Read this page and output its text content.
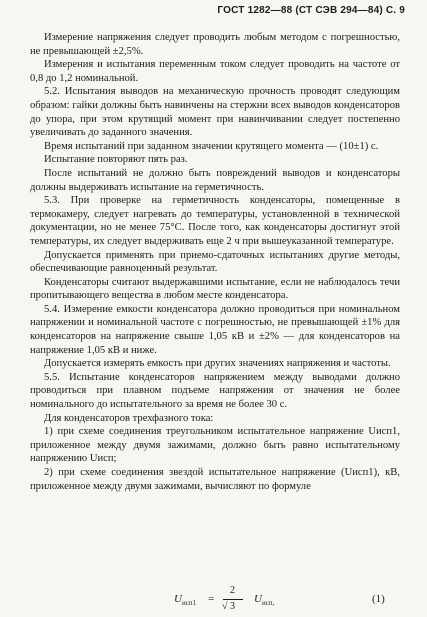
ГОСТ 1282—88 (СТ СЭВ 294—84) С. 9

Измерение напряжения следует проводить любым методом с погрешностью, не превышающей ±2,5%.

Измерения и испытания переменным током следует проводить на частоте от 0,8 до 1,2 номинальной.

5.2. Испытания выводов на механическую прочность проводят следующим образом: гайки должны быть навинчены на стержни всех выводов конденсаторов до упора, при этом крутящий момент при навинчивании следует постепенно увеличивать до заданного значения.

Время испытаний при заданном значении крутящего момента — (10±1) с.

Испытание повторяют пять раз.

После испытаний не должно быть повреждений выводов и конденсаторы должны выдерживать испытание на герметичность.

5.3. При проверке на герметичность конденсаторы, помещенные в термокамеру, следует нагревать до температуры, установленной в технической документации, но не менее 75°С. После того, как конденсаторы достигнут этой температуры, их следует выдерживать еще 2 ч при вышеуказанной температуре.

Допускается применять при приемо-сдаточных испытаниях другие методы, обеспечивающие равноценный результат.

Конденсаторы считают выдержавшими испытание, если не наблюдалось течи пропитывающего вещества в любом месте конденсатора.

5.4. Измерение емкости конденсатора должно проводиться при номинальном напряжении и номинальной частоте с погрешностью, не превышающей ±1% для конденсаторов на напряжение свыше 1,05 кВ и ±2% — для конденсаторов на напряжение 1,05 кВ и ниже.

Допускается измерять емкость при других значениях напряжения и частоты.

5.5. Испытание конденсаторов напряжением между выводами должно проводиться при плавном подъеме напряжения от значения не более номинального до испытательного за время не более 30 с.

Для конденсаторов трехфазного тока:

1) при схеме соединения треугольником испытательное напряжение Uисп1, приложенное между двумя зажимами, должно быть равно испытательному напряжению Uисп;

2) при схеме соединения звездой испытательное напряжение (Uисп1), кВ, приложенное между двумя зажимами, вычисляют по формуле

$U_{исп1}$ =
2
√ 3
$U_{исп,}$	(1)
